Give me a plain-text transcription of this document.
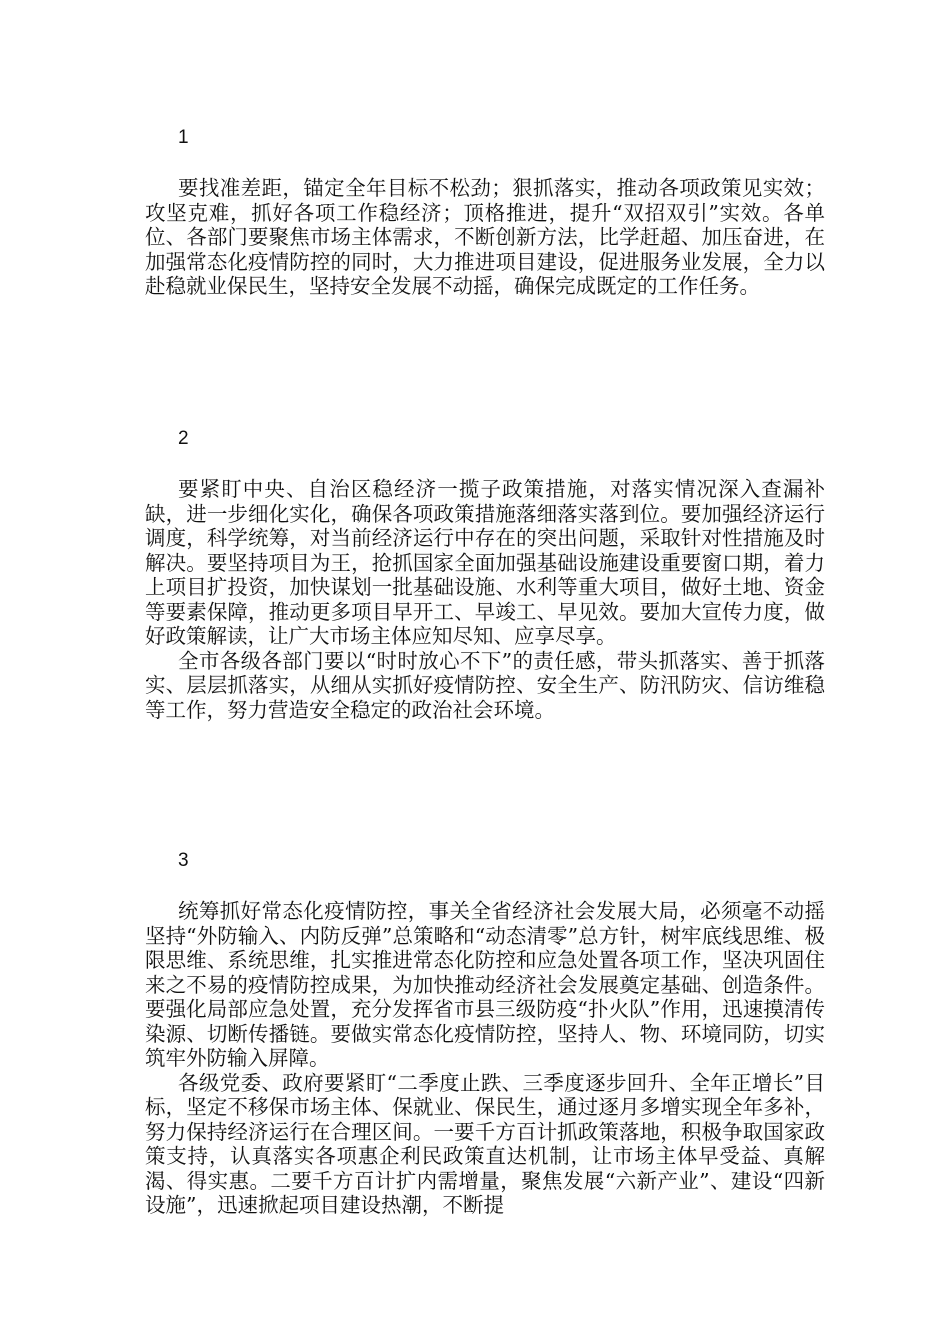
1

要找准差距，锚定全年目标不松劲；狠抓落实，推动各项政策见实效；攻坚克难，抓好各项工作稳经济；顶格推进，提升“双招双引”实效。各单位、各部门要聚焦市场主体需求，不断创新方法，比学赶超、加压奋进，在加强常态化疫情防控的同时，大力推进项目建设，促进服务业发展，全力以赴稳就业保民生，坚持安全发展不动摇，确保完成既定的工作任务。

2

要紧盯中央、自治区稳经济一揽子政策措施，对落实情况深入查漏补缺，进一步细化实化，确保各项政策措施落细落实落到位。要加强经济运行调度，科学统筹，对当前经济运行中存在的突出问题，采取针对性措施及时解决。要坚持项目为王，抢抓国家全面加强基础设施建设重要窗口期，着力上项目扩投资，加快谋划一批基础设施、水利等重大项目，做好土地、资金等要素保障，推动更多项目早开工、早竣工、早见效。要加大宣传力度，做好政策解读，让广大市场主体应知尽知、应享尽享。

全市各级各部门要以“时时放心不下”的责任感，带头抓落实、善于抓落实、层层抓落实，从细从实抓好疫情防控、安全生产、防汛防灾、信访维稳等工作，努力营造安全稳定的政治社会环境。

3

统筹抓好常态化疫情防控，事关全省经济社会发展大局，必须毫不动摇坚持“外防输入、内防反弹”总策略和“动态清零”总方针，树牢底线思维、极限思维、系统思维，扎实推进常态化防控和应急处置各项工作，坚决巩固住来之不易的疫情防控成果，为加快推动经济社会发展奠定基础、创造条件。要强化局部应急处置，充分发挥省市县三级防疫“扑火队”作用，迅速摸清传染源、切断传播链。要做实常态化疫情防控，坚持人、物、环境同防，切实筑牢外防输入屏障。

各级党委、政府要紧盯“二季度止跌、三季度逐步回升、全年正增长”目标，坚定不移保市场主体、保就业、保民生，通过逐月多增实现全年多补，努力保持经济运行在合理区间。一要千方百计抓政策落地，积极争取国家政策支持，认真落实各项惠企利民政策直达机制，让市场主体早受益、真解渴、得实惠。二要千方百计扩内需增量，聚焦发展“六新产业”、建设“四新设施”，迅速掀起项目建设热潮，不断提
